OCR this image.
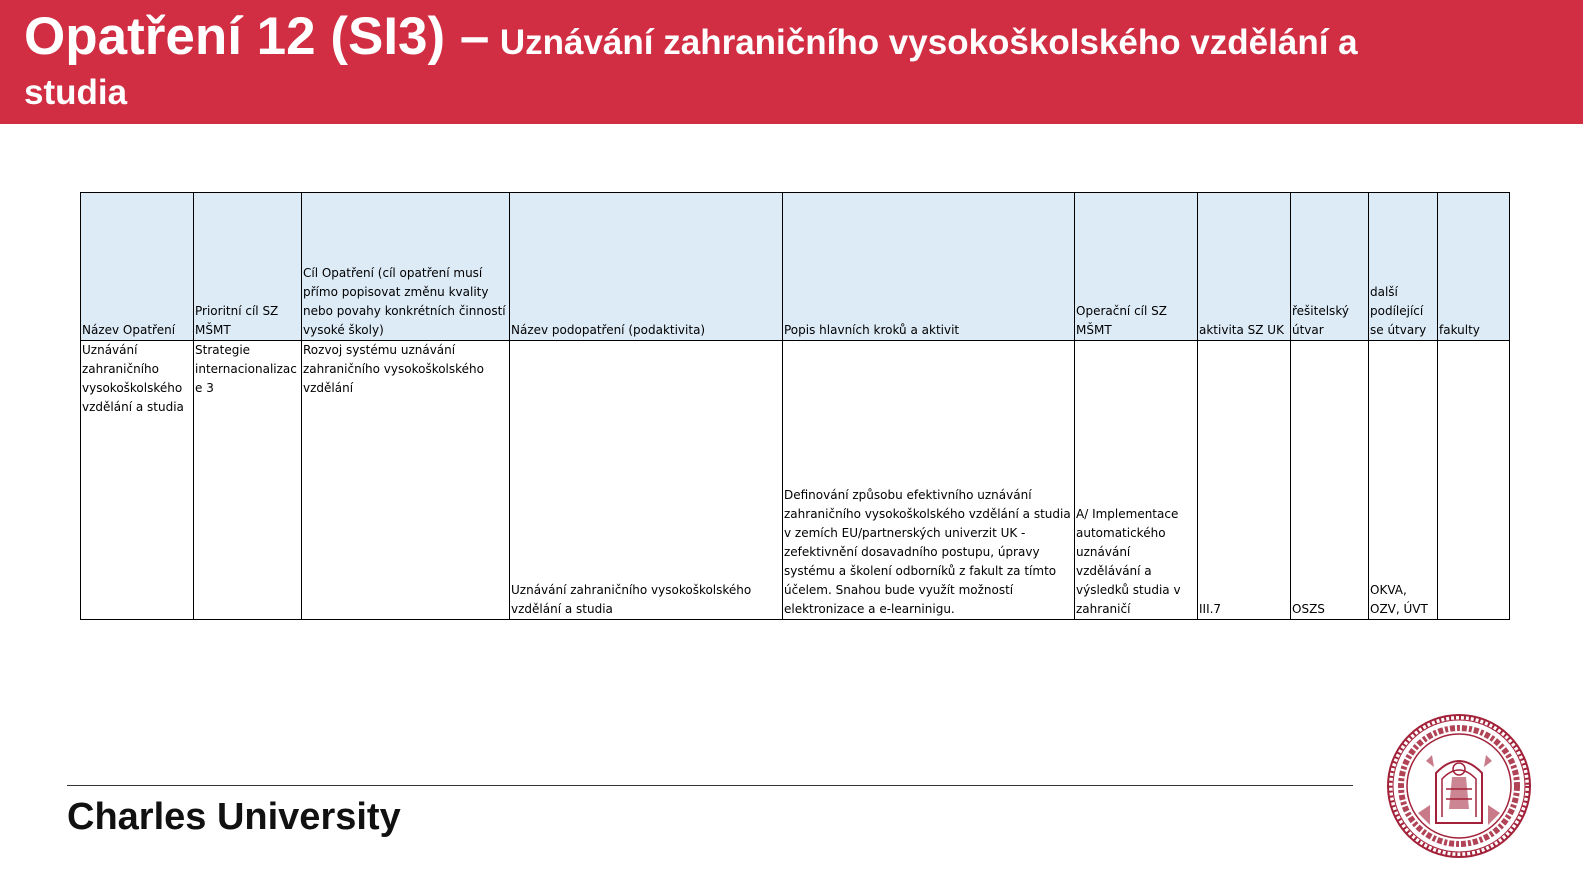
Opatření 12 (SI3) – Uznávání zahraničního vysokoškolského vzdělání a
studia
Název Opatření	Prioritní cíl SZ MŠMT	Cíl Opatření (cíl opatření musí přímo popisovat změnu kvality nebo povahy konkrétních činností vysoké školy)	Název podopatření (podaktivita)	Popis hlavních kroků a aktivit	Operační cíl SZ MŠMT	aktivita SZ UK	řešitelský útvar	další podílející se útvary	fakulty
Uznávání zahraničního vysokoškolského vzdělání a studia	Strategie internacionalizace 3	Rozvoj systému uznávání zahraničního vysokoškolského vzdělání	Uznávání zahraničního vysokoškolského vzdělání a studia	Definování způsobu efektivního uznávání zahraničního vysokoškolského vzdělání a studia v zemích EU/partnerských univerzit UK - zefektivnění dosavadního postupu, úpravy systému a školení odborníků z fakult za tímto účelem. Snahou bude využít možností elektronizace a e-learninigu.	A/ Implementace automatického uznávání vzdělávání a výsledků studia v zahraničí	III.7	OSZS	OKVA, OZV, ÚVT	
Charles University
